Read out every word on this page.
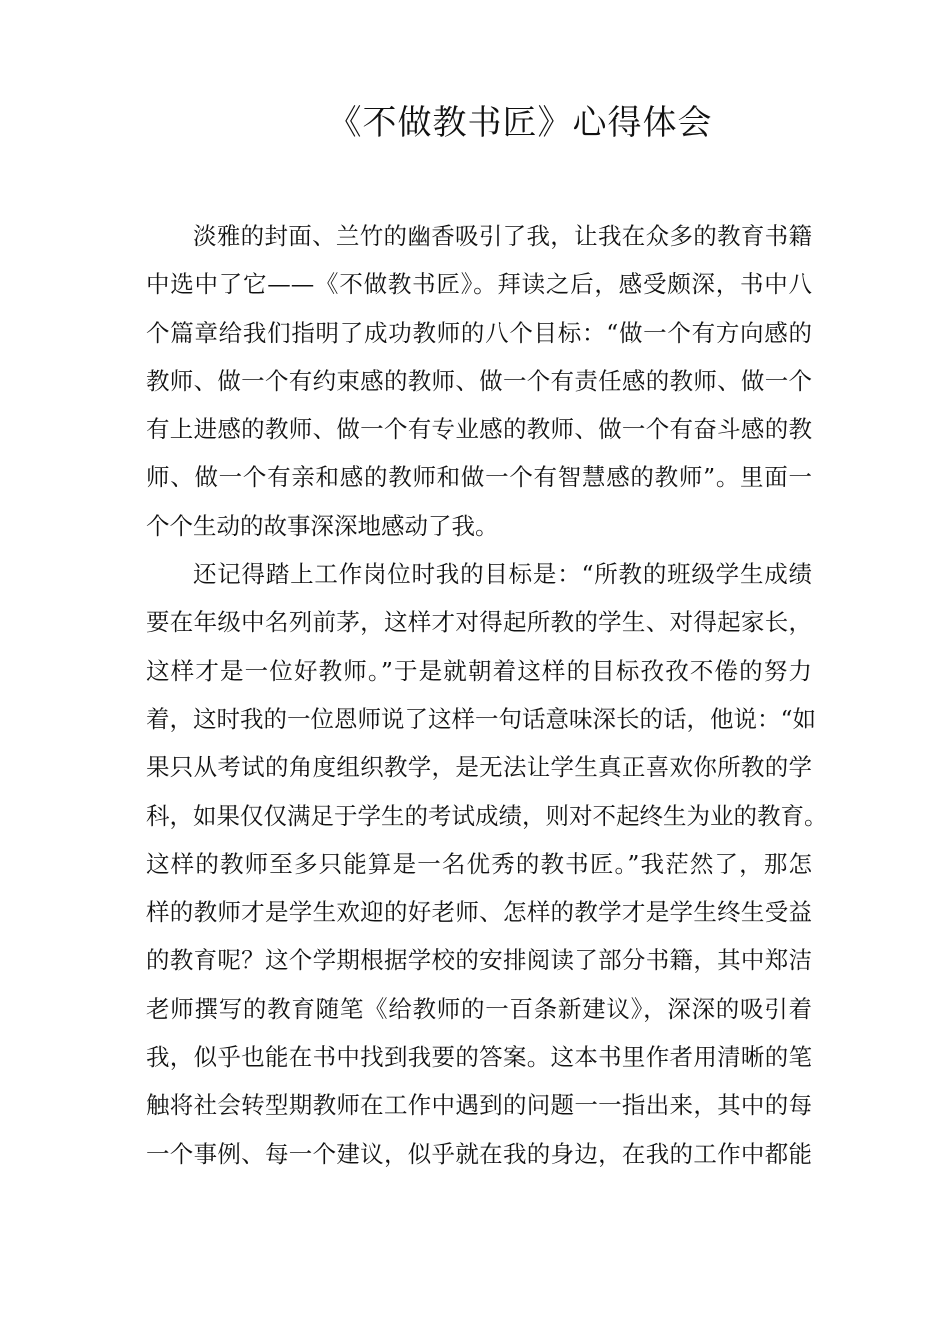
《不做教书匠》心得体会
淡雅的封面、兰竹的幽香吸引了我，让我在众多的教育书籍
中选中了它——《不做教书匠》。拜读之后，感受颇深，书中八
个篇章给我们指明了成功教师的八个目标：“做一个有方向感的
教师、做一个有约束感的教师、做一个有责任感的教师、做一个
有上进感的教师、做一个有专业感的教师、做一个有奋斗感的教
师、做一个有亲和感的教师和做一个有智慧感的教师”。里面一
个个生动的故事深深地感动了我。
还记得踏上工作岗位时我的目标是：“所教的班级学生成绩
要在年级中名列前茅，这样才对得起所教的学生、对得起家长，
这样才是一位好教师。”于是就朝着这样的目标孜孜不倦的努力
着，这时我的一位恩师说了这样一句话意味深长的话，他说：“如
果只从考试的角度组织教学，是无法让学生真正喜欢你所教的学
科，如果仅仅满足于学生的考试成绩，则对不起终生为业的教育。
这样的教师至多只能算是一名优秀的教书匠。”我茫然了，那怎
样的教师才是学生欢迎的好老师、怎样的教学才是学生终生受益
的教育呢？这个学期根据学校的安排阅读了部分书籍，其中郑洁
老师撰写的教育随笔《给教师的一百条新建议》，深深的吸引着
我，似乎也能在书中找到我要的答案。这本书里作者用清晰的笔
触将社会转型期教师在工作中遇到的问题一一指出来，其中的每
一个事例、每一个建议，似乎就在我的身边，在我的工作中都能
